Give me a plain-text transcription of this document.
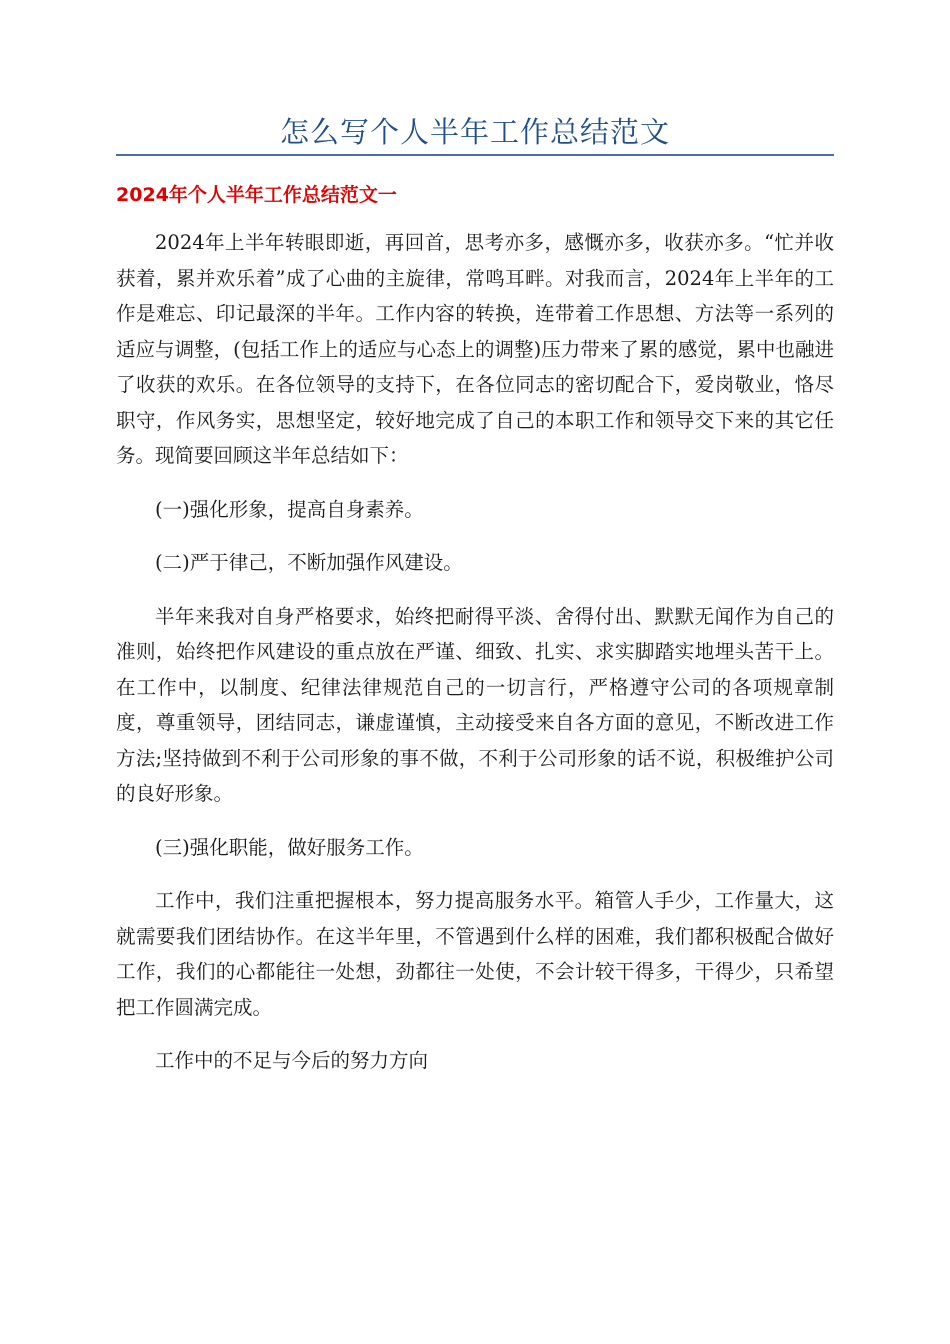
怎么写个人半年工作总结范文
2024年个人半年工作总结范文一

2024年上半年转眼即逝，再回首，思考亦多，感慨亦多，收获亦多。“忙并收获着，累并欢乐着”成了心曲的主旋律，常鸣耳畔。对我而言，2024年上半年的工作是难忘、印记最深的半年。工作内容的转换，连带着工作思想、方法等一系列的适应与调整，(包括工作上的适应与心态上的调整)压力带来了累的感觉，累中也融进了收获的欢乐。在各位领导的支持下，在各位同志的密切配合下，爱岗敬业，恪尽职守，作风务实，思想坚定，较好地完成了自己的本职工作和领导交下来的其它任务。现简要回顾这半年总结如下：

(一)强化形象，提高自身素养。

(二)严于律己，不断加强作风建设。

半年来我对自身严格要求，始终把耐得平淡、舍得付出、默默无闻作为自己的准则，始终把作风建设的重点放在严谨、细致、扎实、求实脚踏实地埋头苦干上。在工作中，以制度、纪律法律规范自己的一切言行，严格遵守公司的各项规章制度，尊重领导，团结同志，谦虚谨慎，主动接受来自各方面的意见，不断改进工作方法;坚持做到不利于公司形象的事不做，不利于公司形象的话不说，积极维护公司的良好形象。

(三)强化职能，做好服务工作。

工作中，我们注重把握根本，努力提高服务水平。箱管人手少，工作量大，这就需要我们团结协作。在这半年里，不管遇到什么样的困难，我们都积极配合做好工作，我们的心都能往一处想，劲都往一处使，不会计较干得多，干得少，只希望把工作圆满完成。

工作中的不足与今后的努力方向
